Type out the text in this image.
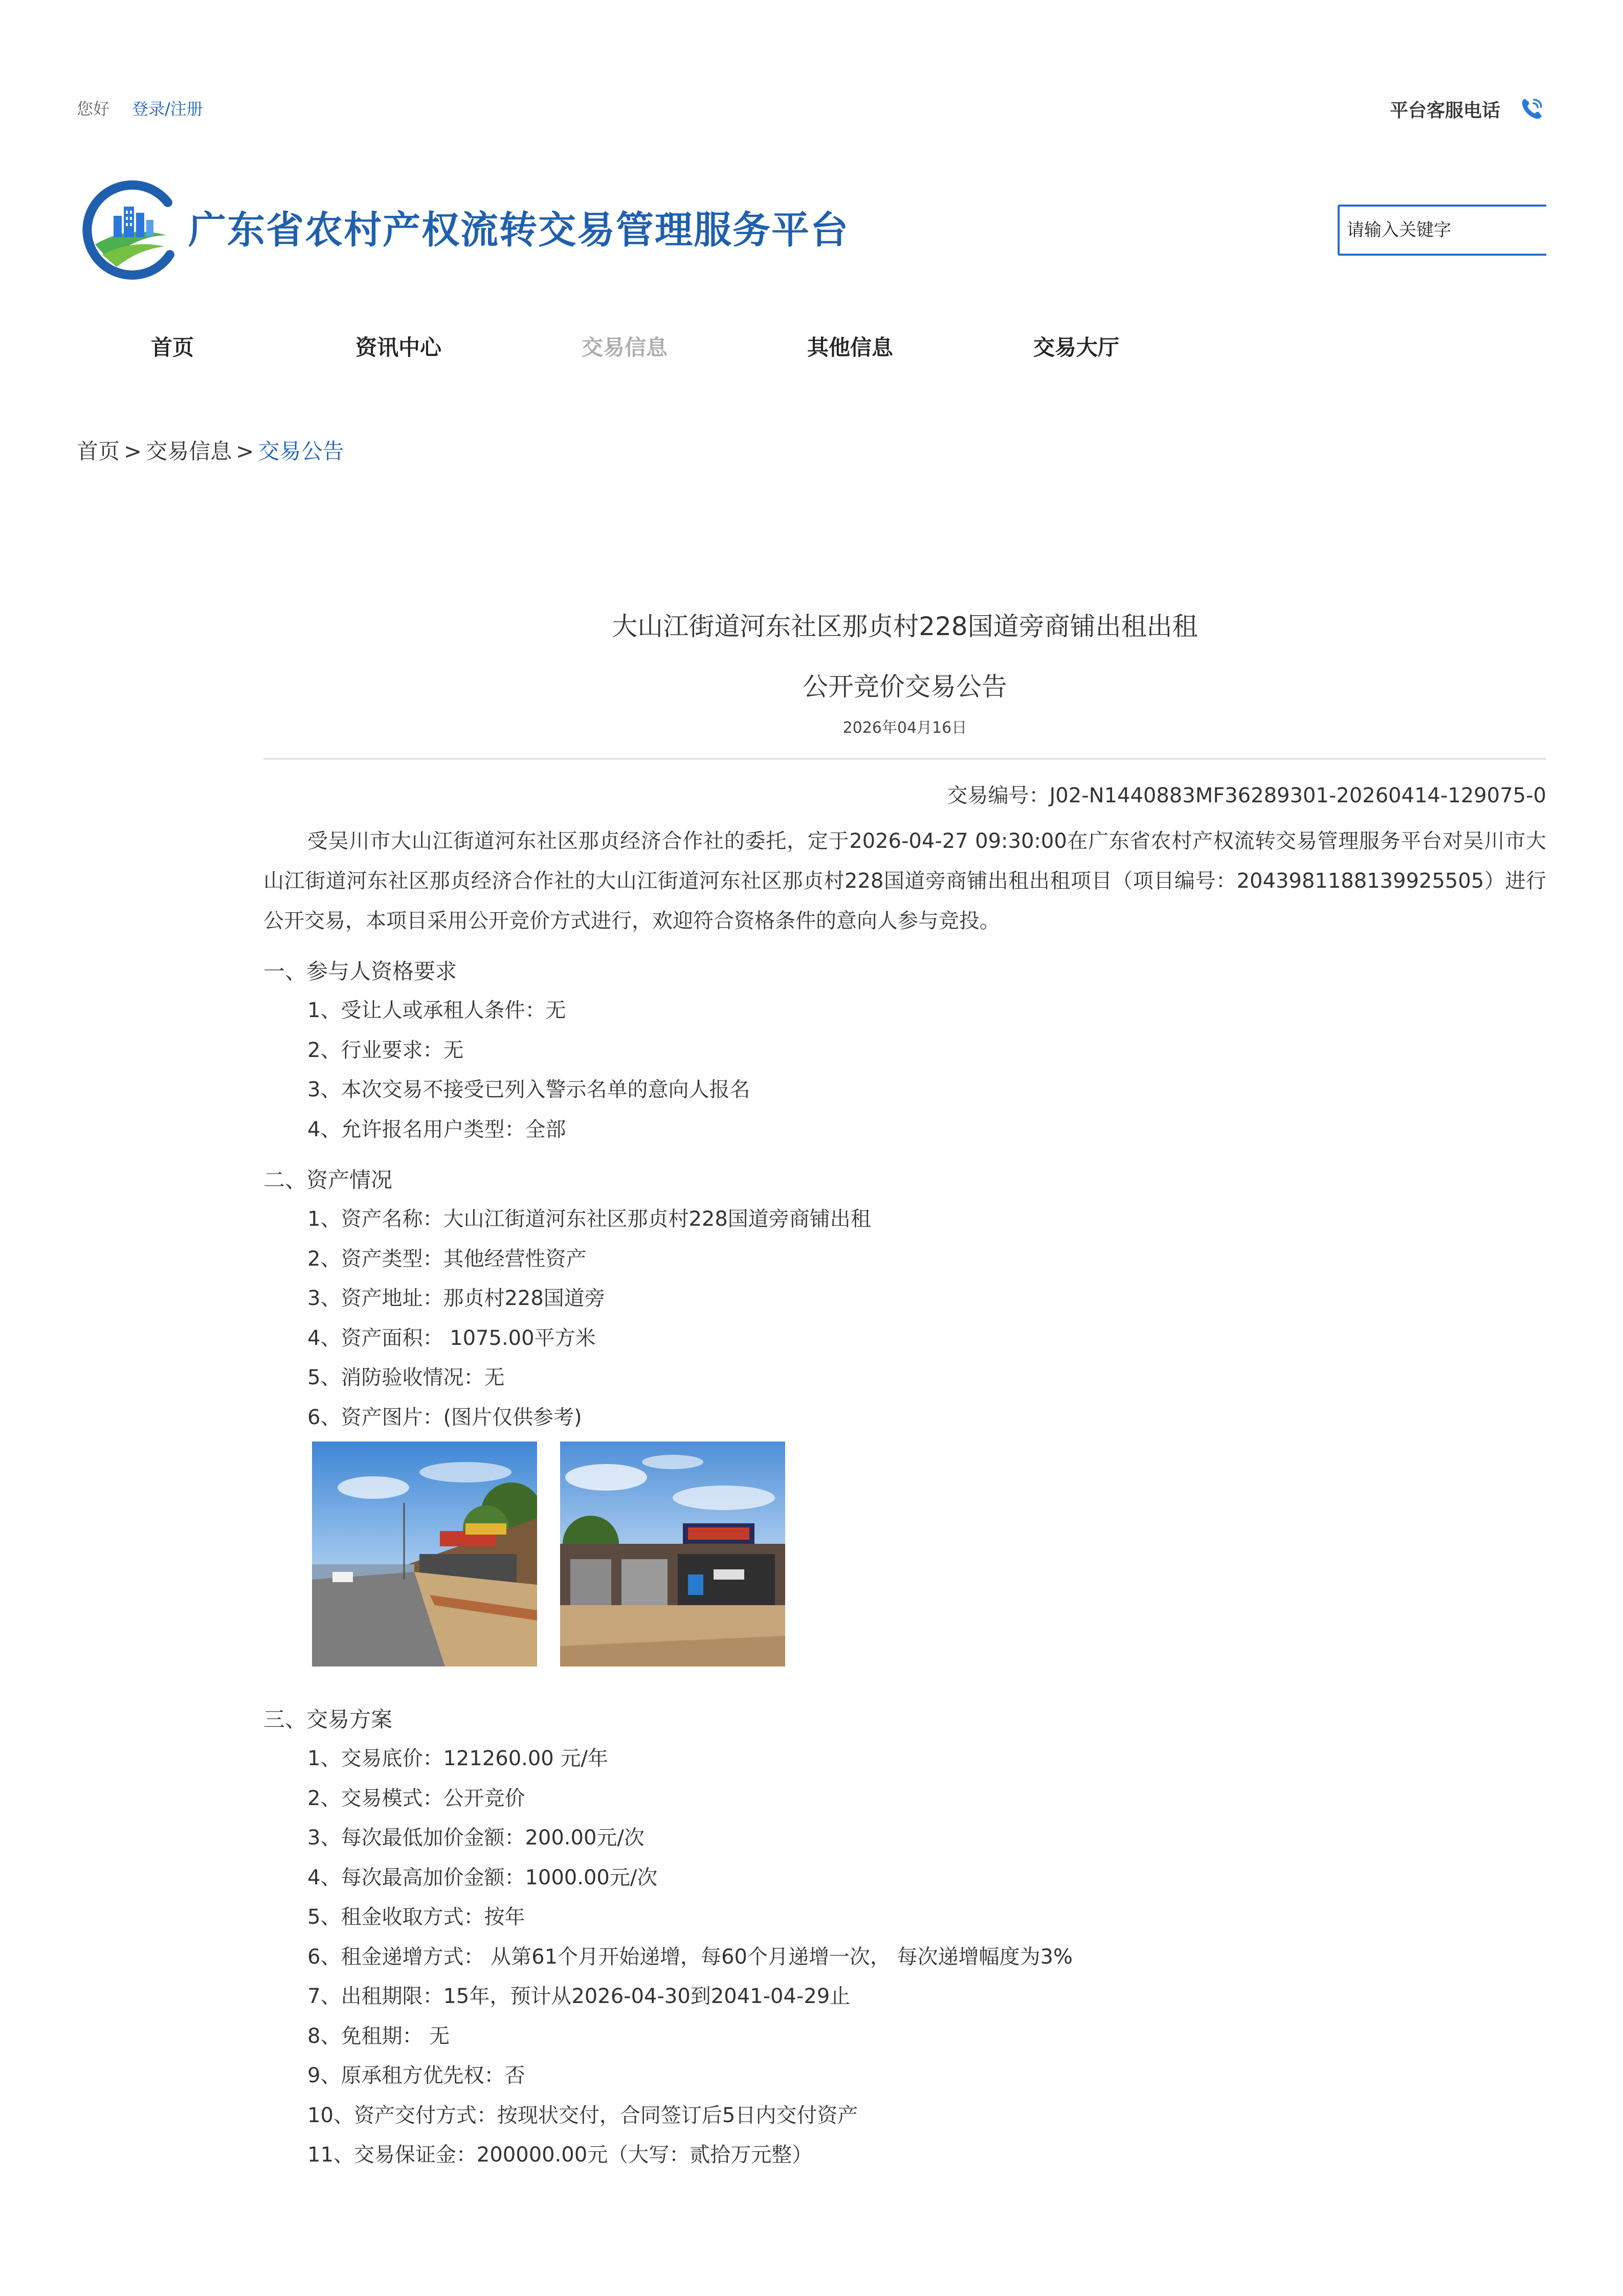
您好 登录/注册	平台客服电话
广东省农村产权流转交易管理服务平台	请输入关键字
首页	资讯中心	交易信息	其他信息	交易大厅
首页 > 交易信息 > 交易公告
大山江街道河东社区那贞村228国道旁商铺出租出租
公开竞价交易公告
2026年04月16日
交易编号：J02-N1440883MF36289301-20260414-129075-0
受吴川市大山江街道河东社区那贞经济合作社的委托，定于2026-04-27 09:30:00在广东省农村产权流转交易管理服务平台对吴川市大山江街道河东社区那贞经济合作社的大山江街道河东社区那贞村228国道旁商铺出租出租项目（项目编号：2043981188139925505）进行公开交易，本项目采用公开竞价方式进行，欢迎符合资格条件的意向人参与竞投。
一、参与人资格要求
1、受让人或承租人条件：无
2、行业要求：无
3、本次交易不接受已列入警示名单的意向人报名
4、允许报名用户类型：全部
二、资产情况
1、资产名称：大山江街道河东社区那贞村228国道旁商铺出租
2、资产类型：其他经营性资产
3、资产地址：那贞村228国道旁
4、资产面积： 1075.00平方米
5、消防验收情况：无
6、资产图片：(图片仅供参考)
三、交易方案
1、交易底价：121260.00 元/年
2、交易模式：公开竞价
3、每次最低加价金额：200.00元/次
4、每次最高加价金额：1000.00元/次
5、租金收取方式：按年
6、租金递增方式： 从第61个月开始递增，每60个月递增一次， 每次递增幅度为3%
7、出租期限：15年，预计从2026-04-30到2041-04-29止
8、免租期： 无
9、原承租方优先权：否
10、资产交付方式：按现状交付，合同签订后5日内交付资产
11、交易保证金：200000.00元（大写：贰拾万元整）
